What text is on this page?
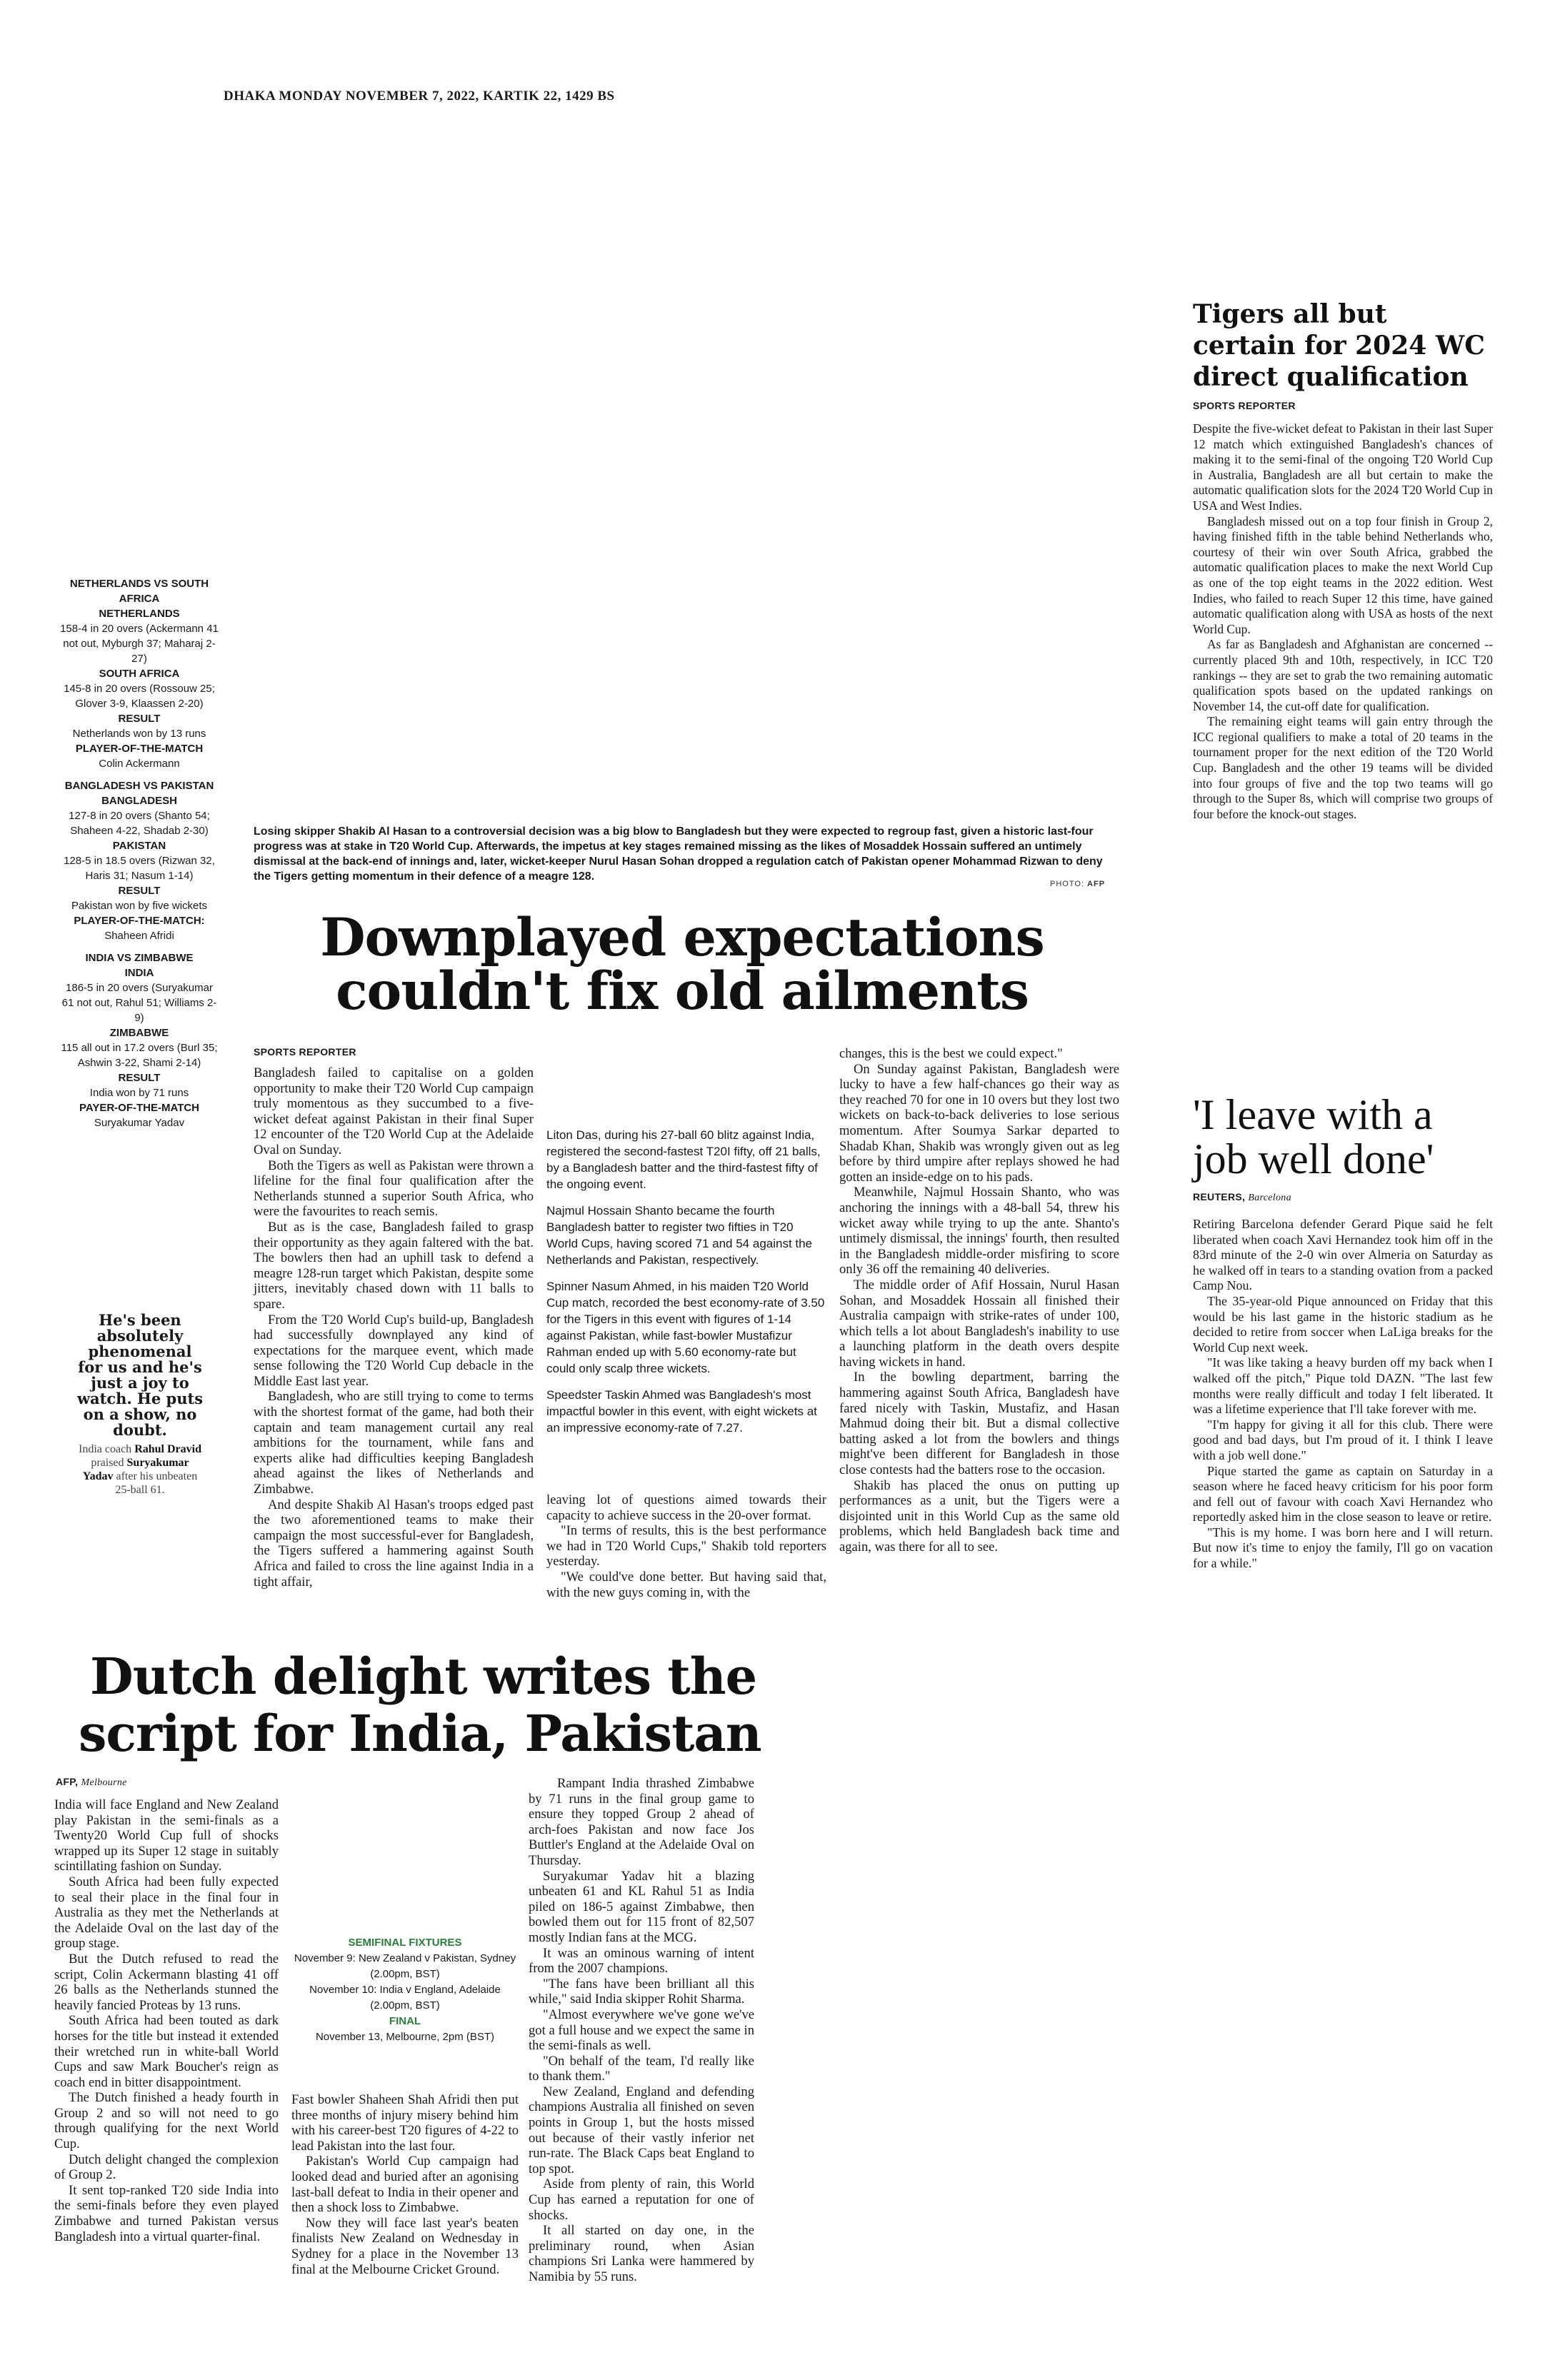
DHAKA MONDAY NOVEMBER 7, 2022, KARTIK 22, 1429 BS
Tigers all but certain for 2024 WC direct qualification
SPORTS REPORTER

Despite the five-wicket defeat to Pakistan in their last Super 12 match which extinguished Bangladesh's chances of making it to the semi-final of the ongoing T20 World Cup in Australia, Bangladesh are all but certain to make the automatic qualification slots for the 2024 T20 World Cup in USA and West Indies.

Bangladesh missed out on a top four finish in Group 2, having finished fifth in the table behind Netherlands who, courtesy of their win over South Africa, grabbed the automatic qualification places to make the next World Cup as one of the top eight teams in the 2022 edition. West Indies, who failed to reach Super 12 this time, have gained automatic qualification along with USA as hosts of the next World Cup.

As far as Bangladesh and Afghanistan are concerned -- currently placed 9th and 10th, respectively, in ICC T20 rankings -- they are set to grab the two remaining automatic qualification spots based on the updated rankings on November 14, the cut-off date for qualification.

The remaining eight teams will gain entry through the ICC regional qualifiers to make a total of 20 teams in the tournament proper for the next edition of the T20 World Cup. Bangladesh and the other 19 teams will be divided into four groups of five and the top two teams will go through to the Super 8s, which will comprise two groups of four before the knock-out stages.

NETHERLANDS VS SOUTH AFRICA
NETHERLANDS
158-4 in 20 overs (Ackermann 41 not out, Myburgh 37; Maharaj 2-27)
SOUTH AFRICA
145-8 in 20 overs (Rossouw 25; Glover 3-9, Klaassen 2-20)
RESULT
Netherlands won by 13 runs
PLAYER-OF-THE-MATCH
Colin Ackermann
BANGLADESH VS PAKISTAN
BANGLADESH
127-8 in 20 overs (Shanto 54; Shaheen 4-22, Shadab 2-30)
PAKISTAN
128-5 in 18.5 overs (Rizwan 32, Haris 31; Nasum 1-14)
RESULT
Pakistan won by five wickets
PLAYER-OF-THE-MATCH:
Shaheen Afridi
INDIA VS ZIMBABWE
INDIA
186-5 in 20 overs (Suryakumar 61 not out, Rahul 51; Williams 2-9)
ZIMBABWE
115 all out in 17.2 overs (Burl 35; Ashwin 3-22, Shami 2-14)
RESULT
India won by 71 runs
PAYER-OF-THE-MATCH
Suryakumar Yadav
He's been absolutely phenomenal for us and he's just a joy to watch. He puts on a show, no doubt.
India coach Rahul Dravid praised Suryakumar Yadav after his unbeaten 25-ball 61.
Losing skipper Shakib Al Hasan to a controversial decision was a big blow to Bangladesh but they were expected to regroup fast, given a historic last-four progress was at stake in T20 World Cup. Afterwards, the impetus at key stages remained missing as the likes of Mosaddek Hossain suffered an untimely dismissal at the back-end of innings and, later, wicket-keeper Nurul Hasan Sohan dropped a regulation catch of Pakistan opener Mohammad Rizwan to deny the Tigers getting momentum in their defence of a meagre 128.
PHOTO: AFP
Downplayed expectations
couldn't fix old ailments
SPORTS REPORTER

Bangladesh failed to capitalise on a golden opportunity to make their T20 World Cup campaign truly momentous as they succumbed to a five-wicket defeat against Pakistan in their final Super 12 encounter of the T20 World Cup at the Adelaide Oval on Sunday.

Both the Tigers as well as Pakistan were thrown a lifeline for the final four qualification after the Netherlands stunned a superior South Africa, who were the favourites to reach semis.

But as is the case, Bangladesh failed to grasp their opportunity as they again faltered with the bat. The bowlers then had an uphill task to defend a meagre 128-run target which Pakistan, despite some jitters, inevitably chased down with 11 balls to spare.

From the T20 World Cup's build-up, Bangladesh had successfully downplayed any kind of expectations for the marquee event, which made sense following the T20 World Cup debacle in the Middle East last year.

Bangladesh, who are still trying to come to terms with the shortest format of the game, had both their captain and team management curtail any real ambitions for the tournament, while fans and experts alike had difficulties keeping Bangladesh ahead against the likes of Netherlands and Zimbabwe.

And despite Shakib Al Hasan's troops edged past the two aforementioned teams to make their campaign the most successful-ever for Bangladesh, the Tigers suffered a hammering against South Africa and failed to cross the line against India in a tight affair,

Liton Das, during his 27-ball 60 blitz against India, registered the second-fastest T20I fifty, off 21 balls, by a Bangladesh batter and the third-fastest fifty of the ongoing event.

Najmul Hossain Shanto became the fourth Bangladesh batter to register two fifties in T20 World Cups, having scored 71 and 54 against the Netherlands and Pakistan, respectively.

Spinner Nasum Ahmed, in his maiden T20 World Cup match, recorded the best economy-rate of 3.50 for the Tigers in this event with figures of 1-14 against Pakistan, while fast-bowler Mustafizur Rahman ended up with 5.60 economy-rate but could only scalp three wickets.

Speedster Taskin Ahmed was Bangladesh's most impactful bowler in this event, with eight wickets at an impressive economy-rate of 7.27.

leaving lot of questions aimed towards their capacity to achieve success in the 20-over format.

"In terms of results, this is the best performance we had in T20 World Cups," Shakib told reporters yesterday.

"We could've done better. But having said that, with the new guys coming in, with the

changes, this is the best we could expect."

On Sunday against Pakistan, Bangladesh were lucky to have a few half-chances go their way as they reached 70 for one in 10 overs but they lost two wickets on back-to-back deliveries to lose serious momentum. After Soumya Sarkar departed to Shadab Khan, Shakib was wrongly given out as leg before by third umpire after replays showed he had gotten an inside-edge on to his pads.

Meanwhile, Najmul Hossain Shanto, who was anchoring the innings with a 48-ball 54, threw his wicket away while trying to up the ante. Shanto's untimely dismissal, the innings' fourth, then resulted in the Bangladesh middle-order misfiring to score only 36 off the remaining 40 deliveries.

The middle order of Afif Hossain, Nurul Hasan Sohan, and Mosaddek Hossain all finished their Australia campaign with strike-rates of under 100, which tells a lot about Bangladesh's inability to use a launching platform in the death overs despite having wickets in hand.

In the bowling department, barring the hammering against South Africa, Bangladesh have fared nicely with Taskin, Mustafiz, and Hasan Mahmud doing their bit. But a dismal collective batting asked a lot from the bowlers and things might've been different for Bangladesh in those close contests had the batters rose to the occasion.

Shakib has placed the onus on putting up performances as a unit, but the Tigers were a disjointed unit in this World Cup as the same old problems, which held Bangladesh back time and again, was there for all to see.

'I leave with a job well done'
REUTERS, Barcelona

Retiring Barcelona defender Gerard Pique said he felt liberated when coach Xavi Hernandez took him off in the 83rd minute of the 2-0 win over Almeria on Saturday as he walked off in tears to a standing ovation from a packed Camp Nou.

The 35-year-old Pique announced on Friday that this would be his last game in the historic stadium as he decided to retire from soccer when LaLiga breaks for the World Cup next week.

"It was like taking a heavy burden off my back when I walked off the pitch," Pique told DAZN. "The last few months were really difficult and today I felt liberated. It was a lifetime experience that I'll take forever with me.

"I'm happy for giving it all for this club. There were good and bad days, but I'm proud of it. I think I leave with a job well done."

Pique started the game as captain on Saturday in a season where he faced heavy criticism for his poor form and fell out of favour with coach Xavi Hernandez who reportedly asked him in the close season to leave or retire.

"This is my home. I was born here and I will return. But now it's time to enjoy the family, I'll go on vacation for a while."

Dutch delight writes the
script for India, Pakistan
AFP, Melbourne

India will face England and New Zealand play Pakistan in the semi-finals as a Twenty20 World Cup full of shocks wrapped up its Super 12 stage in suitably scintillating fashion on Sunday.

South Africa had been fully expected to seal their place in the final four in Australia as they met the Netherlands at the Adelaide Oval on the last day of the group stage.

But the Dutch refused to read the script, Colin Ackermann blasting 41 off 26 balls as the Netherlands stunned the heavily fancied Proteas by 13 runs.

South Africa had been touted as dark horses for the title but instead it extended their wretched run in white-ball World Cups and saw Mark Boucher's reign as coach end in bitter disappointment.

The Dutch finished a heady fourth in Group 2 and so will not need to go through qualifying for the next World Cup.

Dutch delight changed the complexion of Group 2.

It sent top-ranked T20 side India into the semi-finals before they even played Zimbabwe and turned Pakistan versus Bangladesh into a virtual quarter-final.

SEMIFINAL FIXTURES
November 9: New Zealand v Pakistan, Sydney (2.00pm, BST)
November 10: India v England, Adelaide (2.00pm, BST)
FINAL
November 13, Melbourne, 2pm (BST)

Fast bowler Shaheen Shah Afridi then put three months of injury misery behind him with his career-best T20 figures of 4-22 to lead Pakistan into the last four.

Pakistan's World Cup campaign had looked dead and buried after an agonising last-ball defeat to India in their opener and then a shock loss to Zimbabwe.

Now they will face last year's beaten finalists New Zealand on Wednesday in Sydney for a place in the November 13 final at the Melbourne Cricket Ground.

Rampant India thrashed Zimbabwe by 71 runs in the final group game to ensure they topped Group 2 ahead of arch-foes Pakistan and now face Jos Buttler's England at the Adelaide Oval on Thursday.

Suryakumar Yadav hit a blazing unbeaten 61 and KL Rahul 51 as India piled on 186-5 against Zimbabwe, then bowled them out for 115 front of 82,507 mostly Indian fans at the MCG.

It was an ominous warning of intent from the 2007 champions.

"The fans have been brilliant all this while," said India skipper Rohit Sharma.

"Almost everywhere we've gone we've got a full house and we expect the same in the semi-finals as well.

"On behalf of the team, I'd really like to thank them."

New Zealand, England and defending champions Australia all finished on seven points in Group 1, but the hosts missed out because of their vastly inferior net run-rate. The Black Caps beat England to top spot.

Aside from plenty of rain, this World Cup has earned a reputation for one of shocks.

It all started on day one, in the preliminary round, when Asian champions Sri Lanka were hammered by Namibia by 55 runs.
